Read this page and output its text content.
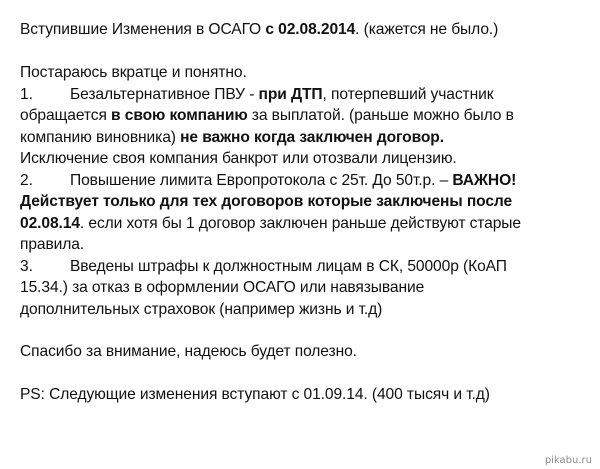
Вступившие Изменения в ОСАГО с 02.08.2014. (кажется не было.)
Постараюсь вкратце и понятно.
1. Безальтернативное ПВУ - при ДТП, потерпевший участник
обращается в свою компанию за выплатой. (раньше можно было в
компанию виновника) не важно когда заключен договор.
Исключение своя компания банкрот или отозвали лицензию.
2. Повышение лимита Европротокола с 25т. До 50т.р. – ВАЖНО!
Действует только для тех договоров которые заключены после
02.08.14. если хотя бы 1 договор заключен раньше действуют старые
правила.
3. Введены штрафы к должностным лицам в СК, 50000р (КоАП
15.34.) за отказ в оформлении ОСАГО или навязывание
дополнительных страховок (например жизнь и т.д)
Спасибо за внимание, надеюсь будет полезно.
PS: Следующие изменения вступают с 01.09.14. (400 тысяч и т.д)
pikabu.ru
